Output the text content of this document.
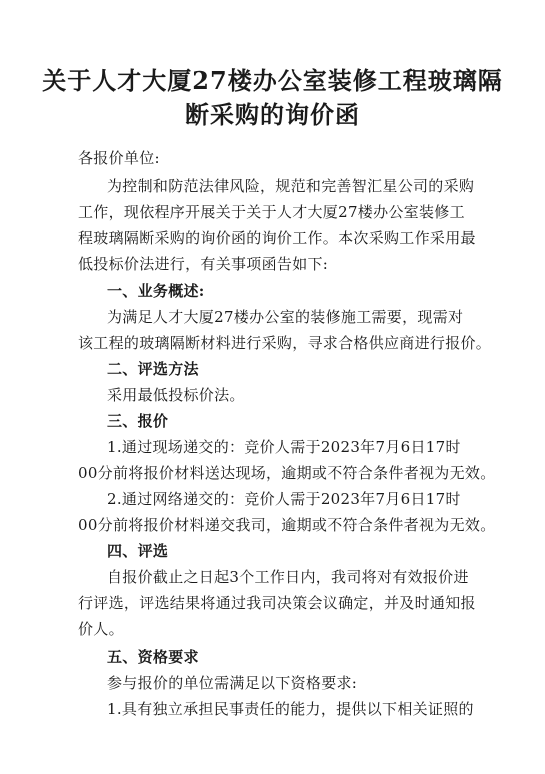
关于人才大厦27楼办公室装修工程玻璃隔
断采购的询价函
各报价单位:
为控制和防范法律风险，规范和完善智汇星公司的采购
工作，现依程序开展关于关于人才大厦27楼办公室装修工
程玻璃隔断采购的询价函的询价工作。本次采购工作采用最
低投标价法进行，有关事项函告如下:
一、业务概述:
为满足人才大厦27楼办公室的装修施工需要，现需对
该工程的玻璃隔断材料进行采购，寻求合格供应商进行报价。
二、评选方法
采用最低投标价法。
三、报价
1.通过现场递交的：竞价人需于2023年7月6日17时
00分前将报价材料送达现场，逾期或不符合条件者视为无效。
2.通过网络递交的：竞价人需于2023年7月6日17时
00分前将报价材料递交我司，逾期或不符合条件者视为无效。
四、评选
自报价截止之日起3个工作日内，我司将对有效报价进
行评选，评选结果将通过我司决策会议确定，并及时通知报
价人。
五、资格要求
参与报价的单位需满足以下资格要求:
1.具有独立承担民事责任的能力，提供以下相关证照的
